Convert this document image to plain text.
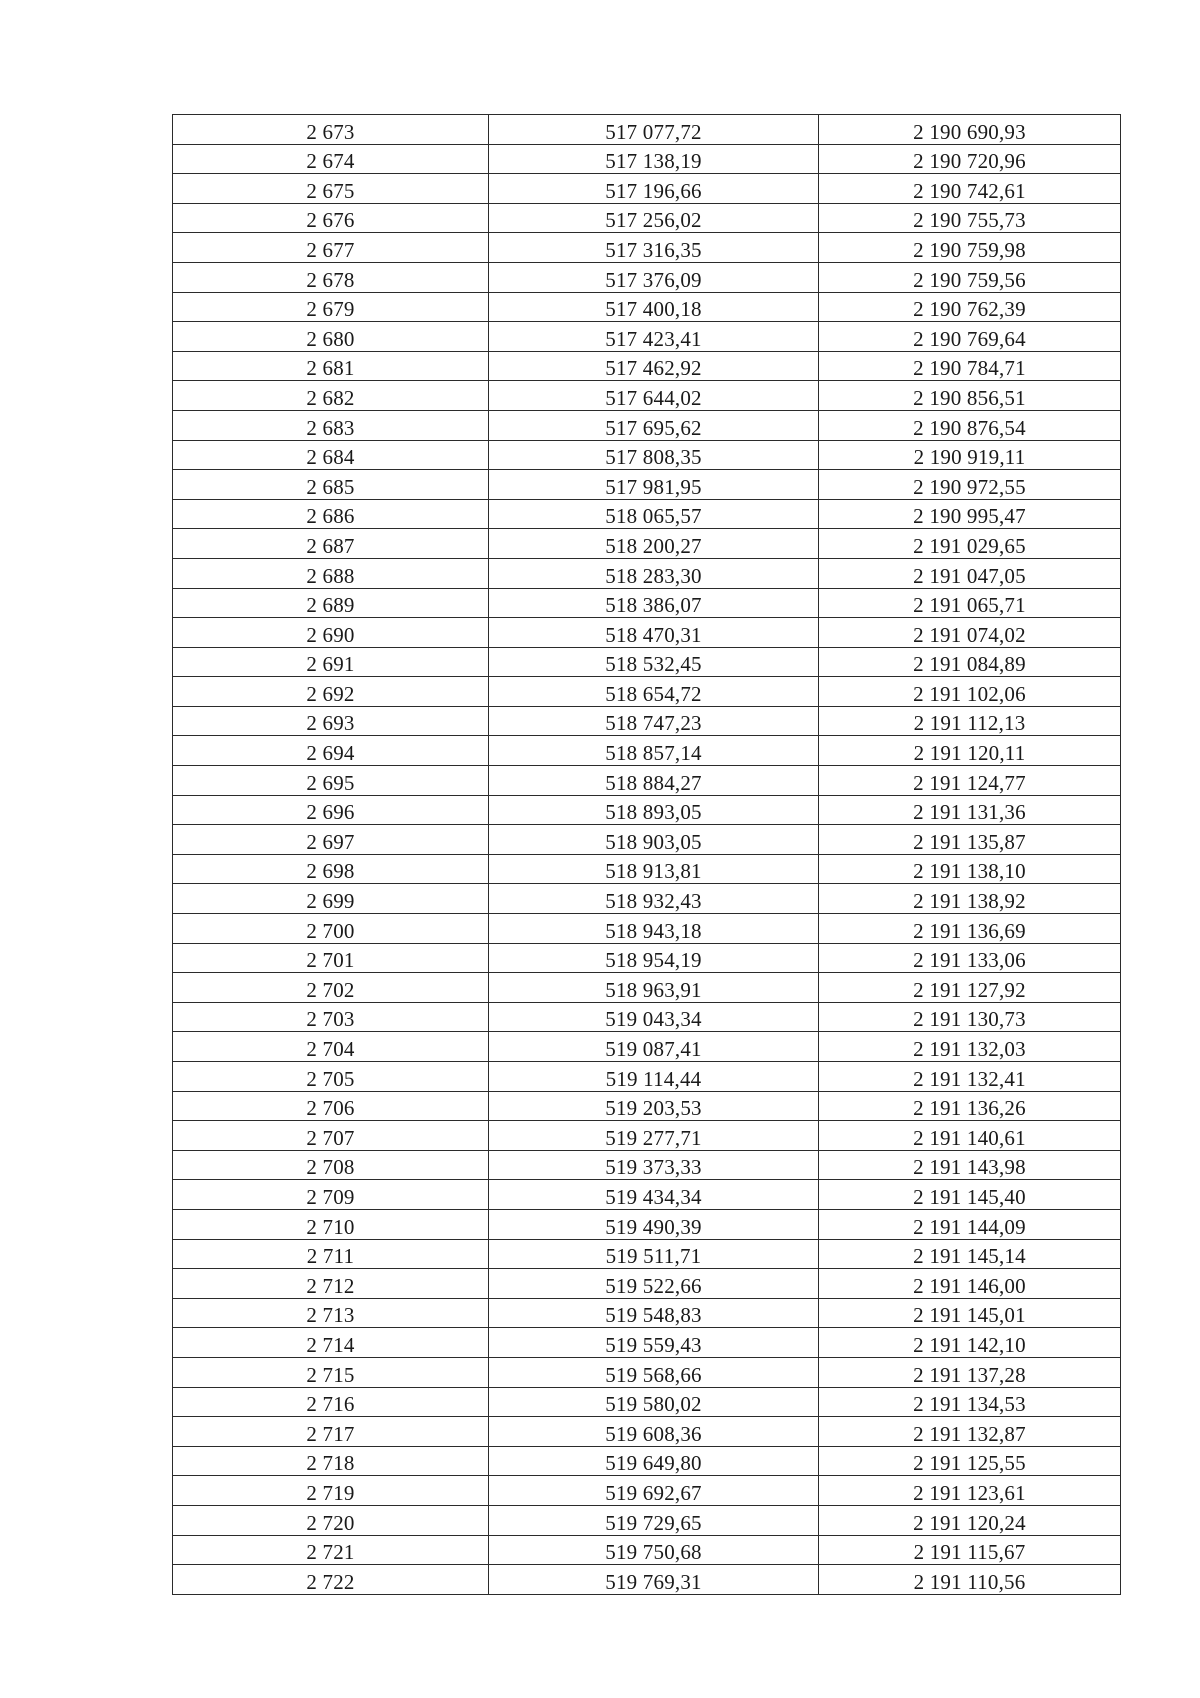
2 673	517 077,72	2 190 690,93
2 674	517 138,19	2 190 720,96
2 675	517 196,66	2 190 742,61
2 676	517 256,02	2 190 755,73
2 677	517 316,35	2 190 759,98
2 678	517 376,09	2 190 759,56
2 679	517 400,18	2 190 762,39
2 680	517 423,41	2 190 769,64
2 681	517 462,92	2 190 784,71
2 682	517 644,02	2 190 856,51
2 683	517 695,62	2 190 876,54
2 684	517 808,35	2 190 919,11
2 685	517 981,95	2 190 972,55
2 686	518 065,57	2 190 995,47
2 687	518 200,27	2 191 029,65
2 688	518 283,30	2 191 047,05
2 689	518 386,07	2 191 065,71
2 690	518 470,31	2 191 074,02
2 691	518 532,45	2 191 084,89
2 692	518 654,72	2 191 102,06
2 693	518 747,23	2 191 112,13
2 694	518 857,14	2 191 120,11
2 695	518 884,27	2 191 124,77
2 696	518 893,05	2 191 131,36
2 697	518 903,05	2 191 135,87
2 698	518 913,81	2 191 138,10
2 699	518 932,43	2 191 138,92
2 700	518 943,18	2 191 136,69
2 701	518 954,19	2 191 133,06
2 702	518 963,91	2 191 127,92
2 703	519 043,34	2 191 130,73
2 704	519 087,41	2 191 132,03
2 705	519 114,44	2 191 132,41
2 706	519 203,53	2 191 136,26
2 707	519 277,71	2 191 140,61
2 708	519 373,33	2 191 143,98
2 709	519 434,34	2 191 145,40
2 710	519 490,39	2 191 144,09
2 711	519 511,71	2 191 145,14
2 712	519 522,66	2 191 146,00
2 713	519 548,83	2 191 145,01
2 714	519 559,43	2 191 142,10
2 715	519 568,66	2 191 137,28
2 716	519 580,02	2 191 134,53
2 717	519 608,36	2 191 132,87
2 718	519 649,80	2 191 125,55
2 719	519 692,67	2 191 123,61
2 720	519 729,65	2 191 120,24
2 721	519 750,68	2 191 115,67
2 722	519 769,31	2 191 110,56
